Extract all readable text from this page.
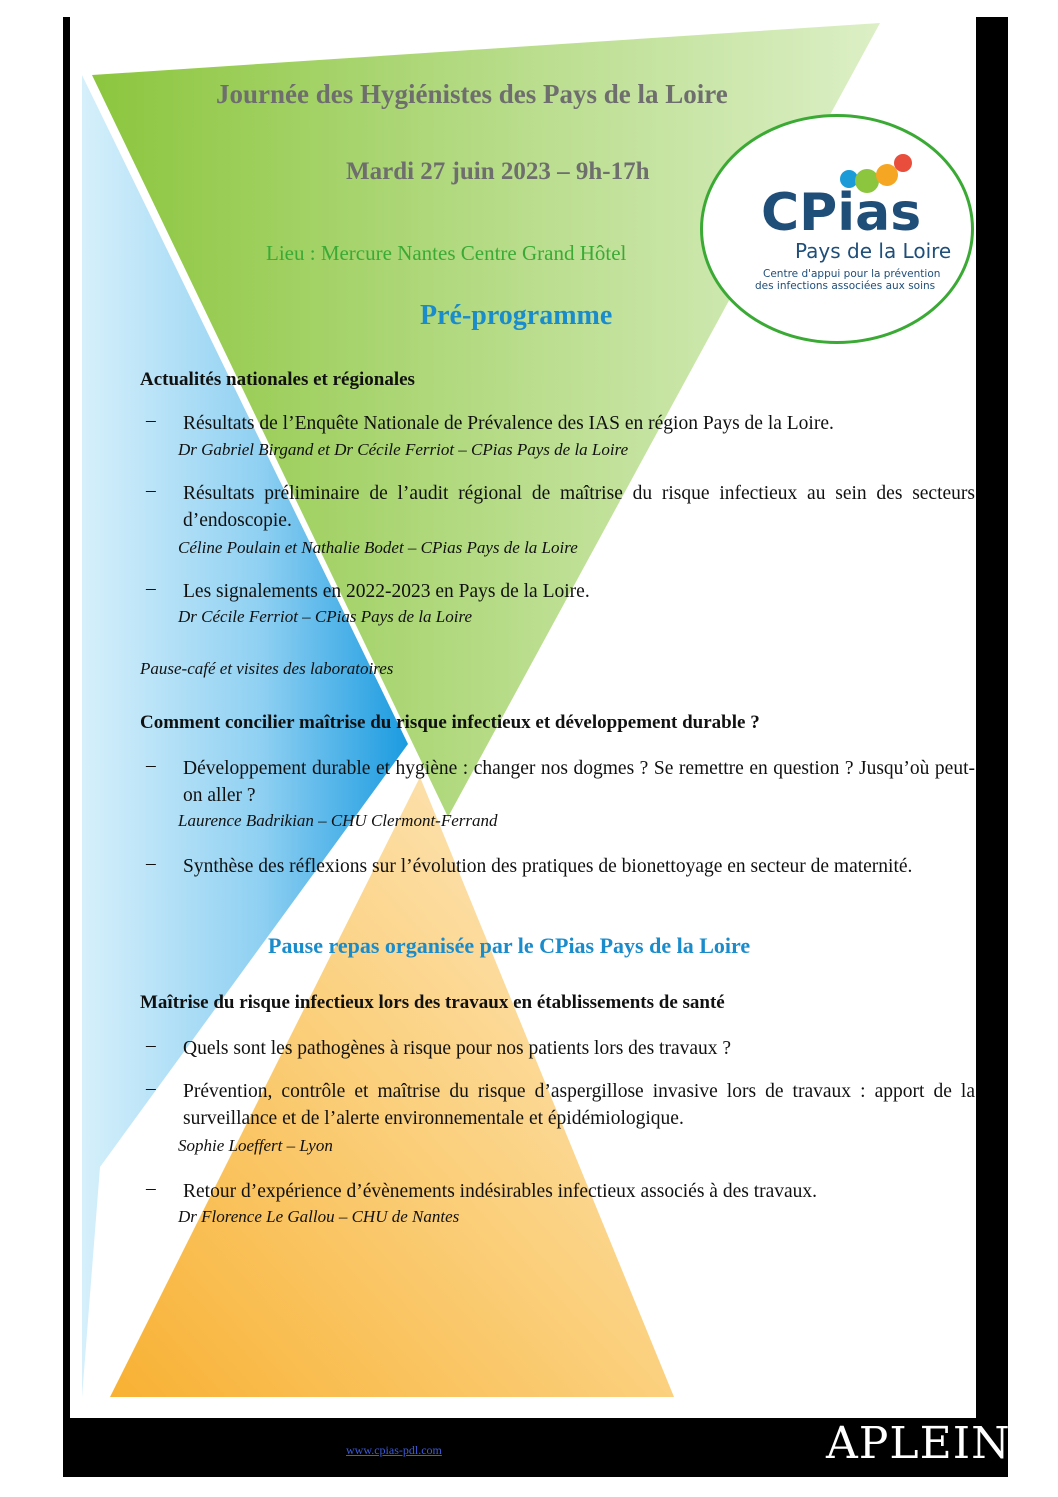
Journée des Hygiénistes des Pays de la Loire
Mardi 27 juin 2023 – 9h-17h
Lieu : Mercure Nantes Centre Grand Hôtel
Pré-programme
CPias
Pays de la Loire
Centre d'appui pour la prévention
des infections associées aux soins
Actualités nationales et régionales
– Résultats de l’Enquête Nationale de Prévalence des IAS en région Pays de la Loire.
Dr Gabriel Birgand et Dr Cécile Ferriot – CPias Pays de la Loire
– Résultats préliminaire de l’audit régional de maîtrise du risque infectieux au sein des secteurs d’endoscopie.
Céline Poulain et Nathalie Bodet – CPias Pays de la Loire
– Les signalements en 2022-2023 en Pays de la Loire.
Dr Cécile Ferriot – CPias Pays de la Loire
Pause-café et visites des laboratoires
Comment concilier maîtrise du risque infectieux et développement durable ?
– Développement durable et hygiène : changer nos dogmes ? Se remettre en question ? Jusqu’où peut-on aller ?
Laurence Badrikian – CHU Clermont-Ferrand
– Synthèse des réflexions sur l’évolution des pratiques de bionettoyage en secteur de maternité.
Pause repas organisée par le CPias Pays de la Loire
Maîtrise du risque infectieux lors des travaux en établissements de santé
– Quels sont les pathogènes à risque pour nos patients lors des travaux ?
– Prévention, contrôle et maîtrise du risque d’aspergillose invasive lors de travaux : apport de la surveillance et de l’alerte environnementale et épidémiologique.
Sophie Loeffert – Lyon
– Retour d’expérience d’évènements indésirables infectieux associés à des travaux.
Dr Florence Le Gallou – CHU de Nantes
www.cpias-pdl.com	APLEIN
